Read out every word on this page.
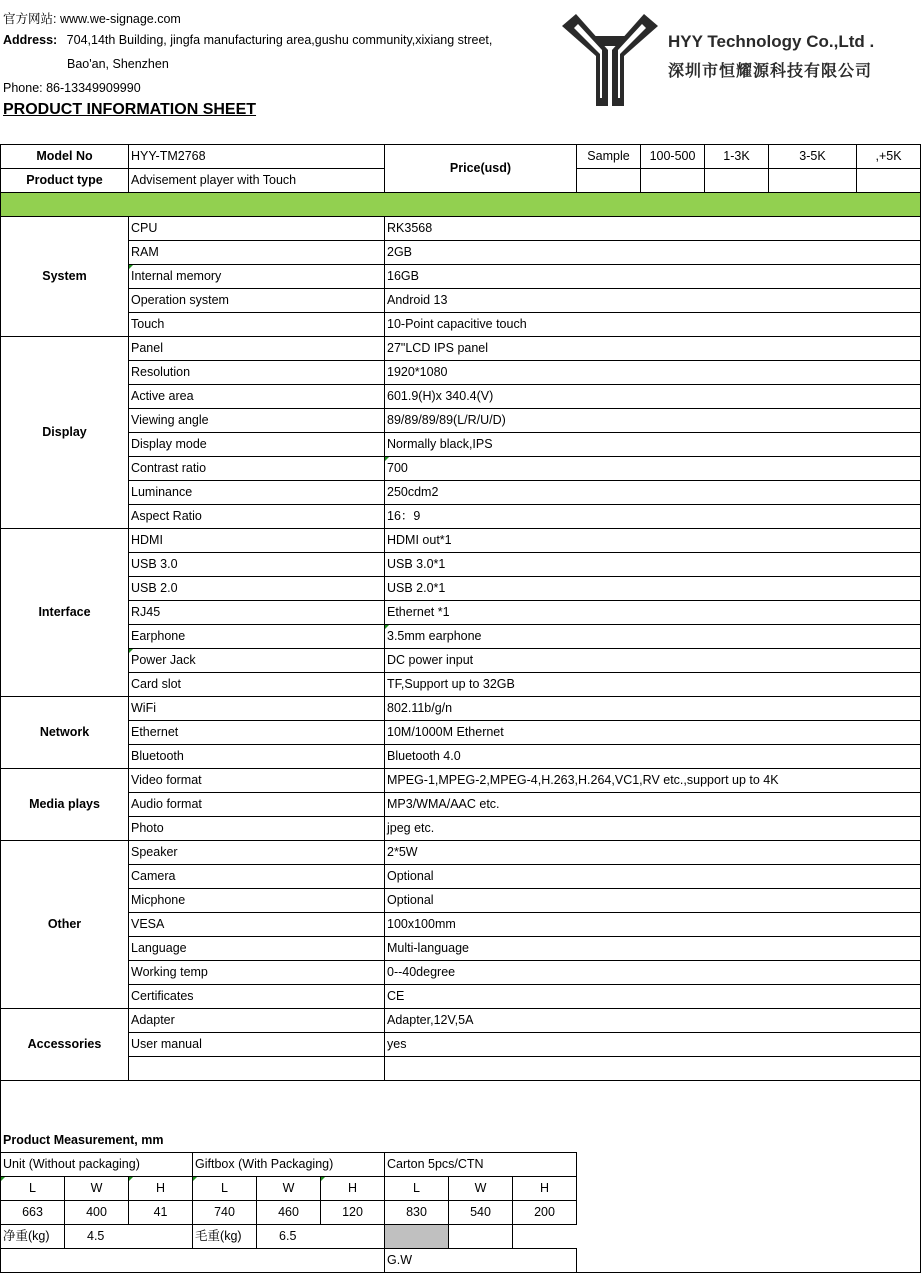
官方网站: www.we-signage.com
Address: 704,14th Building, jingfa manufacturing area,gushu community,xixiang street,
Bao'an, Shenzhen
Phone: 86-13349909990
PRODUCT INFORMATION SHEET
HYY Technology Co.,Ltd .
深圳市恒耀源科技有限公司
Model No	HYY-TM2768	Price(usd)	Sample	100-500	1-3K	3-5K	,+5K
Product type	Advisement player with Touch						

System	CPU	RK3568
	RAM	2GB
	Internal memory	16GB
	Operation system	Android 13
	Touch	10-Point capacitive touch
Display	Panel	27"LCD IPS panel
	Resolution	1920*1080
	Active area	601.9(H)x 340.4(V)
	Viewing angle	89/89/89/89(L/R/U/D)
	Display mode	Normally black,IPS
	Contrast ratio	700
	Luminance	250cdm2
	Aspect Ratio	16：9
Interface	HDMI	HDMI out*1
	USB 3.0	USB 3.0*1
	USB 2.0	USB 2.0*1
	RJ45	Ethernet *1
	Earphone	3.5mm earphone
	Power Jack	DC power input
	Card slot	TF,Support up to 32GB
Network	WiFi	802.11b/g/n
	Ethernet	10M/1000M Ethernet
	Bluetooth	Bluetooth 4.0
Media plays	Video format	MPEG-1,MPEG-2,MPEG-4,H.263,H.264,VC1,RV etc.,support up to 4K
	Audio format	MP3/WMA/AAC etc.
	Photo	jpeg etc.
Other	Speaker	2*5W
	Camera	Optional
	Micphone	Optional
	VESA	100x100mm
	Language	Multi-language
	Working temp	0--40degree
	Certificates	CE
Accessories	Adapter	Adapter,12V,5A
	User manual	yes

Product Measurement, mm
Unit (Without packaging)			Giftbox (With Packaging)			Carton 5pcs/CTN		
L	W	H	L	W	H	L	W	H
663	400	41	740	460	120	830	540	200
净重(kg)	4.5		毛重(kg)	6.5				
						G.W		
